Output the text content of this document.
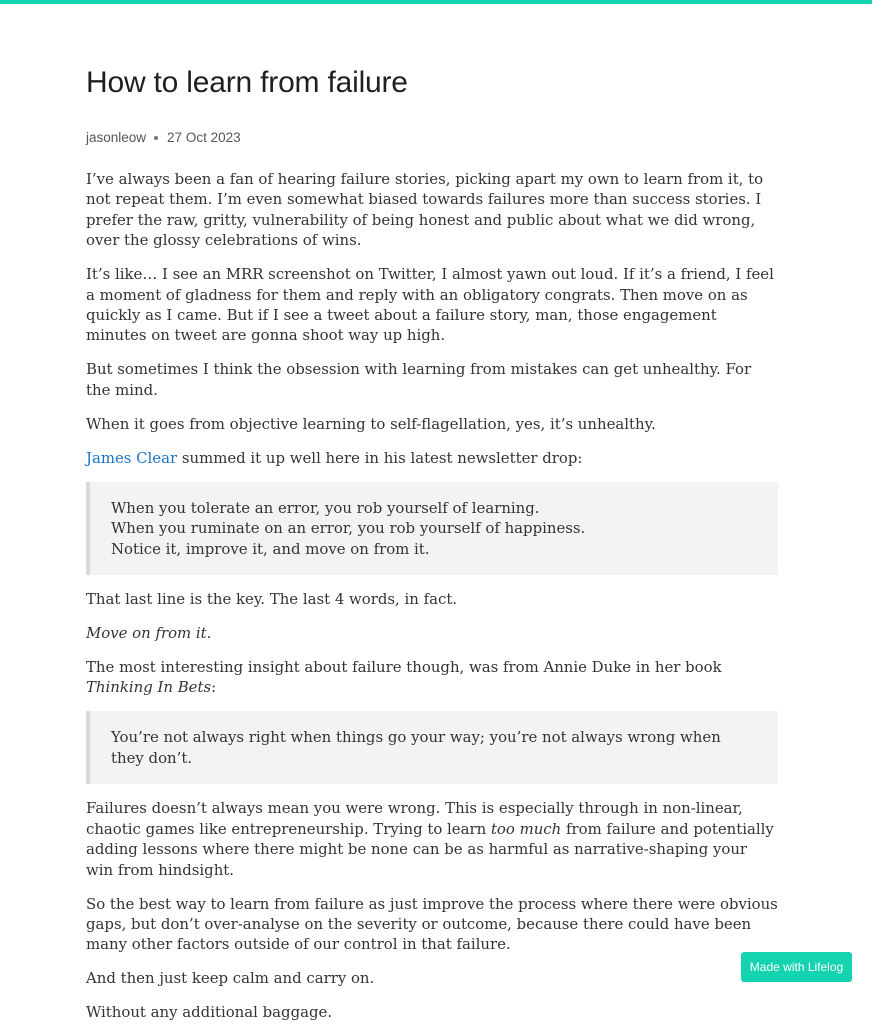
How to learn from failure
jasonleow 27 Oct 2023

I’ve always been a fan of hearing failure stories, picking apart my own to learn from it, to not repeat them. I’m even somewhat biased towards failures more than success stories. I prefer the raw, gritty, vulnerability of being honest and public about what we did wrong, over the glossy celebrations of wins.

It’s like… I see an MRR screenshot on Twitter, I almost yawn out loud. If it’s a friend, I feel a moment of gladness for them and reply with an obligatory congrats. Then move on as quickly as I came. But if I see a tweet about a failure story, man, those engagement minutes on tweet are gonna shoot way up high.

But sometimes I think the obsession with learning from mistakes can get unhealthy. For the mind.

When it goes from objective learning to self-flagellation, yes, it’s unhealthy.

James Clear summed it up well here in his latest newsletter drop:

When you tolerate an error, you rob yourself of learning.
When you ruminate on an error, you rob yourself of happiness.
Notice it, improve it, and move on from it.

That last line is the key. The last 4 words, in fact.

Move on from it.

The most interesting insight about failure though, was from Annie Duke in her book Thinking In Bets:

You’re not always right when things go your way; you’re not always wrong when they don’t.

Failures doesn’t always mean you were wrong. This is especially through in non-linear, chaotic games like entrepreneurship. Trying to learn too much from failure and potentially adding lessons where there might be none can be as harmful as narrative-shaping your win from hindsight.

So the best way to learn from failure as just improve the process where there were obvious gaps, but don’t over-analyse on the severity or outcome, because there could have been many other factors outside of our control in that failure.

And then just keep calm and carry on.

Without any additional baggage.

Made with Lifelog
